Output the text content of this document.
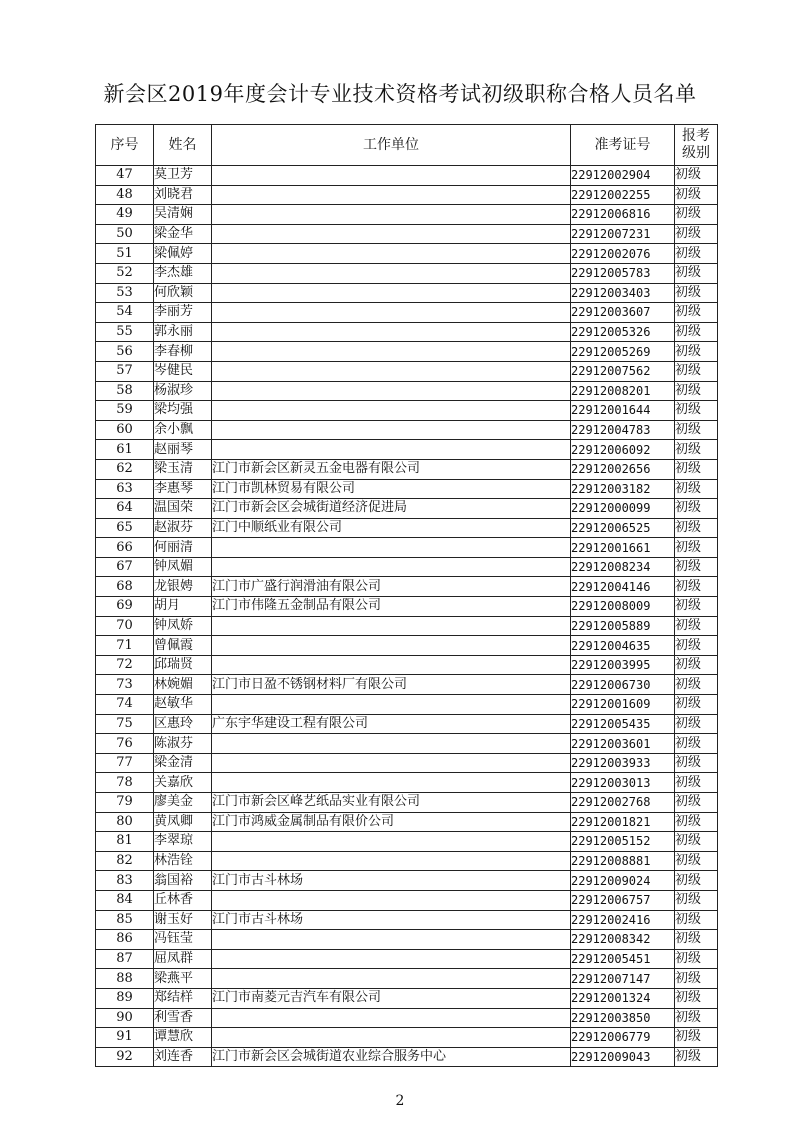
新会区2019年度会计专业技术资格考试初级职称合格人员名单
序号	姓名	工作单位	准考证号	报考
级别
47	莫卫芳		22912002904	初级
48	刘晓君		22912002255	初级
49	吴清娴		22912006816	初级
50	梁金华		22912007231	初级
51	梁佩婷		22912002076	初级
52	李杰雄		22912005783	初级
53	何欣颖		22912003403	初级
54	李丽芳		22912003607	初级
55	郭永丽		22912005326	初级
56	李春柳		22912005269	初级
57	岑健民		22912007562	初级
58	杨淑珍		22912008201	初级
59	梁均强		22912001644	初级
60	余小飘		22912004783	初级
61	赵丽琴		22912006092	初级
62	梁玉清	江门市新会区新灵五金电器有限公司	22912002656	初级
63	李惠琴	江门市凯林贸易有限公司	22912003182	初级
64	温国荣	江门市新会区会城街道经济促进局	22912000099	初级
65	赵淑芬	江门中顺纸业有限公司	22912006525	初级
66	何丽清		22912001661	初级
67	钟凤媚		22912008234	初级
68	龙银娉	江门市广盛行润滑油有限公司	22912004146	初级
69	胡月	江门市伟隆五金制品有限公司	22912008009	初级
70	钟凤娇		22912005889	初级
71	曾佩霞		22912004635	初级
72	邱瑞贤		22912003995	初级
73	林婉媚	江门市日盈不锈钢材料厂有限公司	22912006730	初级
74	赵敏华		22912001609	初级
75	区惠玲	广东宇华建设工程有限公司	22912005435	初级
76	陈淑芬		22912003601	初级
77	梁金清		22912003933	初级
78	关嘉欣		22912003013	初级
79	廖美金	江门市新会区峰艺纸品实业有限公司	22912002768	初级
80	黄凤卿	江门市鸿威金属制品有限价公司	22912001821	初级
81	李翠琼		22912005152	初级
82	林浩铨		22912008881	初级
83	翁国裕	江门市古斗林场	22912009024	初级
84	丘林香		22912006757	初级
85	谢玉好	江门市古斗林场	22912002416	初级
86	冯钰莹		22912008342	初级
87	屈凤群		22912005451	初级
88	梁燕平		22912007147	初级
89	郑结样	江门市南菱元吉汽车有限公司	22912001324	初级
90	利雪香		22912003850	初级
91	谭慧欣		22912006779	初级
92	刘连香	江门市新会区会城街道农业综合服务中心	22912009043	初级
2
